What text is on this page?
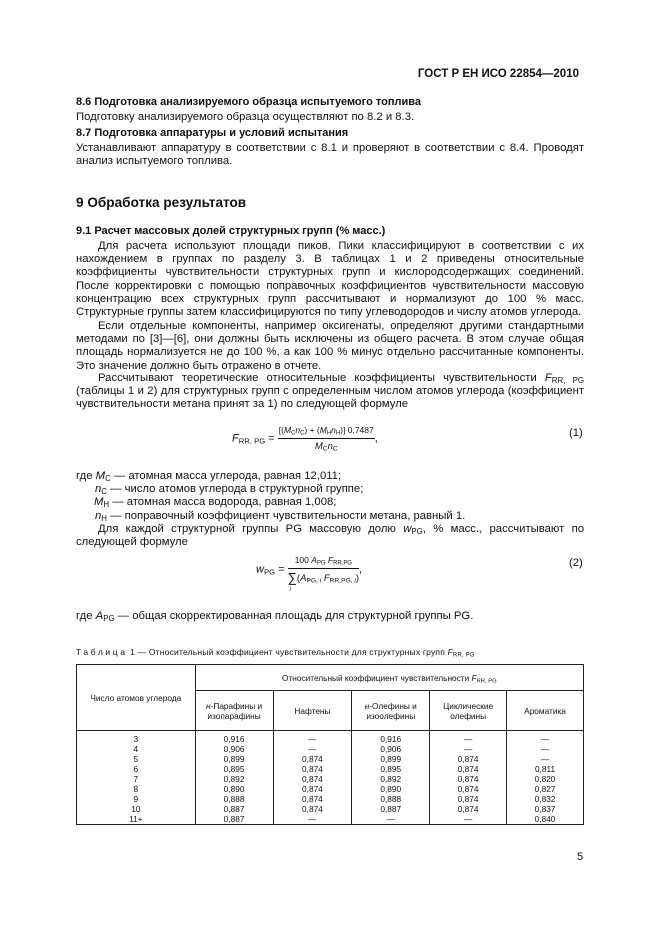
ГОСТ Р ЕН ИСО 22854—2010
8.6 Подготовка анализируемого образца испытуемого топлива
Подготовку анализируемого образца осуществляют по 8.2 и 8.3.
8.7 Подготовка аппаратуры и условий испытания
Устанавливают аппаратуру в соответствии с 8.1 и проверяют в соответствии с 8.4. Проводят анализ испытуемого топлива.
9 Обработка результатов
9.1 Расчет массовых долей структурных групп (% масс.)
Для расчета используют площади пиков. Пики классифицируют в соответствии с их нахождением в группах по разделу 3. В таблицах 1 и 2 приведены относительные коэффициенты чувствительности структурных групп и кислородсодержащих соединений. После корректировки с помощью поправочных коэффициентов чувствительности массовую концентрацию всех структурных групп рассчитывают и нормализуют до 100 % масс. Структурные группы затем классифицируются по типу углеводородов и числу атомов углерода.
Если отдельные компоненты, например оксигенаты, определяют другими стандартными методами по [3]—[6], они должны быть исключены из общего расчета. В этом случае общая площадь нормализуется не до 100 %, а как 100 % минус отдельно рассчитанные компоненты. Это значение должно быть отражено в отчете.
Рассчитывают теоретические относительные коэффициенты чувствительности $F_{RR, PG}$ (таблицы 1 и 2) для структурных групп с определенным числом атомов углерода (коэффициент чувствительности метана принят за 1) по следующей формуле
$F_{RR, PG} = \frac{[(M_Cn_C) + (M_Hn_H)] 0,7487}{M_Cn_C}$ ,	(1)
где $M_C$ — атомная масса углерода, равная 12,011;
$n_C$ — число атомов углерода в структурной группе;
$M_H$ — атомная масса водорода, равная 1,008;
$n_H$ — поправочный коэффициент чувствительности метана, равный 1.
Для каждой структурной группы PG массовую долю $w_{PG}$, % масс., рассчитывают по следующей формуле
$w_{PG} = 100$ $A_{PG}$ $F_{RR,PG}$
∑
i
($A_{PG, i}$ $F_{RR,PG, i}$) ,
(2)
где $A_{PG}$ — общая скорректированная площадь для структурной группы PG.
Таблица 1 — Относительный коэффициент чувствительности для структурных групп $F_{RR, PG}$
Число атомов углерода	Относительный коэффициент чувствительности $F_{RR, PG}$
	н-Парафины и изопарафины	Нафтены	н-Олефины и изоолефины	Циклические олефины	Ароматика
3	0,916	—	0,916	—	—
4	0,906	—	0,906	—	—
5	0,899	0,874	0,899	0,874	—
6	0,895	0,874	0,895	0,874	0,811
7	0,892	0,874	0,892	0,874	0,820
8	0,890	0,874	0,890	0,874	0,827
9	0,888	0,874	0,888	0,874	0,832
10	0,887	0,874	0,887	0,874	0,837
11+	0,887	—	—	—	0,840
5
